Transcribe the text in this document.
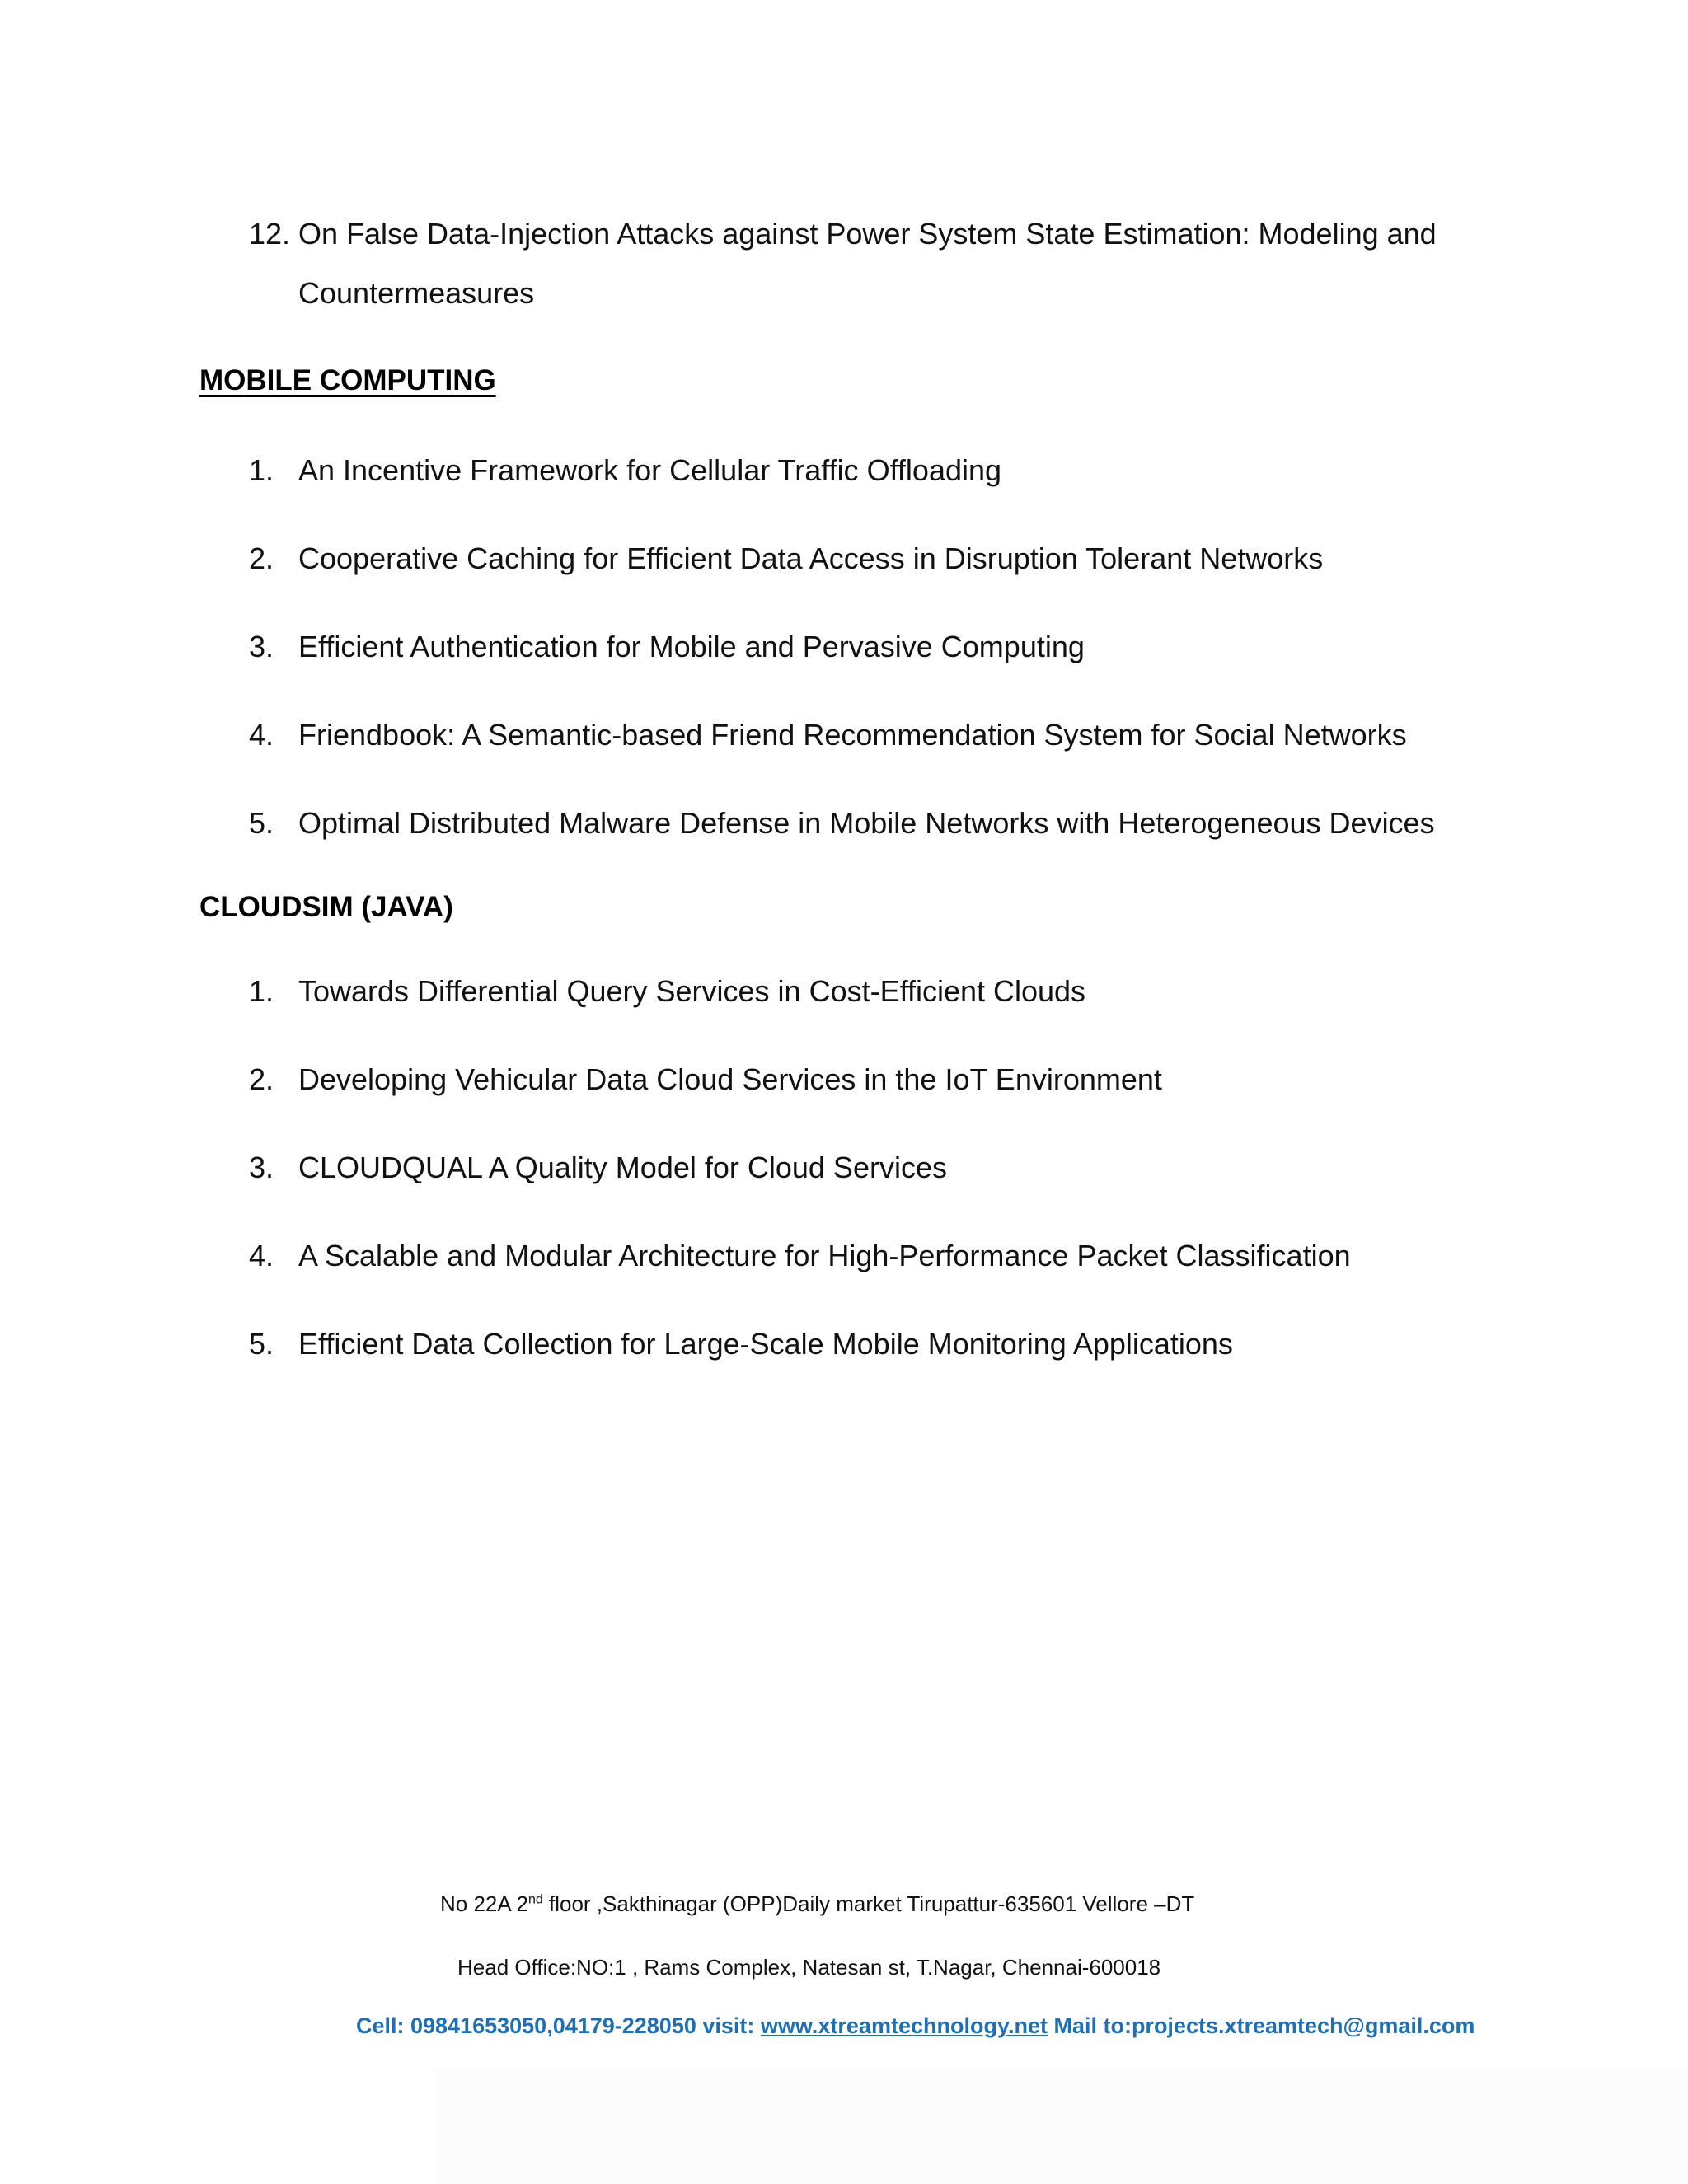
12. On False Data-Injection Attacks against Power System State Estimation: Modeling and
Countermeasures
MOBILE COMPUTING
1. An Incentive Framework for Cellular Traffic Offloading
2. Cooperative Caching for Efficient Data Access in Disruption Tolerant Networks
3. Efficient Authentication for Mobile and Pervasive Computing
4. Friendbook: A Semantic-based Friend Recommendation System for Social Networks
5. Optimal Distributed Malware Defense in Mobile Networks with Heterogeneous Devices
CLOUDSIM (JAVA)
1. Towards Differential Query Services in Cost-Efficient Clouds
2. Developing Vehicular Data Cloud Services in the IoT Environment
3. CLOUDQUAL A Quality Model for Cloud Services
4. A Scalable and Modular Architecture for High-Performance Packet Classification
5. Efficient Data Collection for Large-Scale Mobile Monitoring Applications
No 22A 2nd floor ,Sakthinagar (OPP)Daily market Tirupattur-635601 Vellore –DT
Head Office:NO:1 , Rams Complex, Natesan st, T.Nagar, Chennai-600018
Cell: 09841653050,04179-228050 visit: www.xtreamtechnology.net Mail to:projects.xtreamtech@gmail.com
